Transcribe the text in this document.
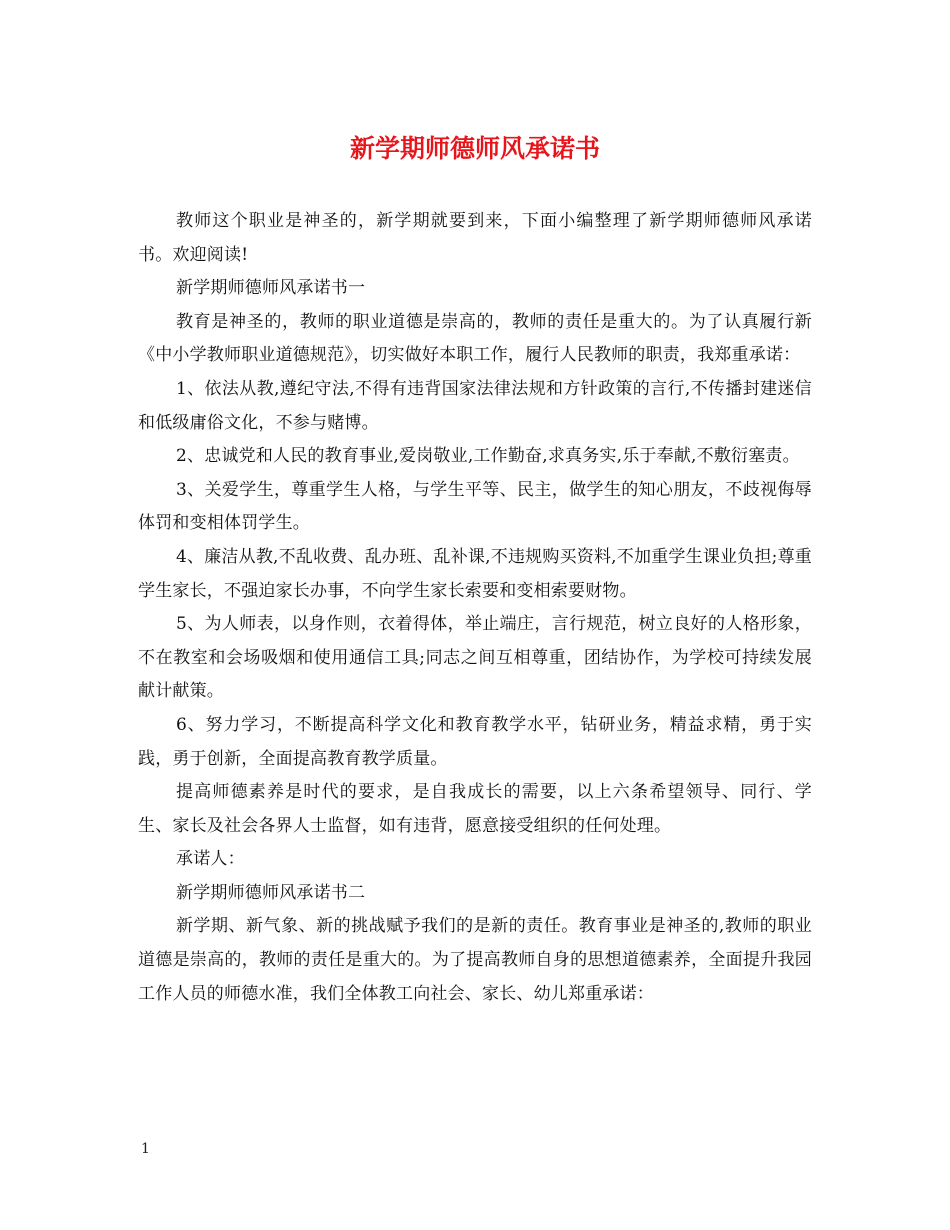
新学期师德师风承诺书

教师这个职业是神圣的，新学期就要到来，下面小编整理了新学期师德师风承诺书。欢迎阅读!

新学期师德师风承诺书一

教育是神圣的，教师的职业道德是崇高的，教师的责任是重大的。为了认真履行新《中小学教师职业道德规范》，切实做好本职工作，履行人民教师的职责，我郑重承诺：

1、依法从教,遵纪守法,不得有违背国家法律法规和方针政策的言行,不传播封建迷信和低级庸俗文化，不参与赌博。

2、忠诚党和人民的教育事业,爱岗敬业,工作勤奋,求真务实,乐于奉献,不敷衍塞责。

3、关爱学生，尊重学生人格，与学生平等、民主，做学生的知心朋友，不歧视侮辱体罚和变相体罚学生。

4、廉洁从教,不乱收费、乱办班、乱补课,不违规购买资料,不加重学生课业负担;尊重学生家长，不强迫家长办事，不向学生家长索要和变相索要财物。

5、为人师表，以身作则，衣着得体，举止端庄，言行规范，树立良好的人格形象，不在教室和会场吸烟和使用通信工具;同志之间互相尊重，团结协作，为学校可持续发展献计献策。

6、努力学习，不断提高科学文化和教育教学水平，钻研业务，精益求精，勇于实践，勇于创新，全面提高教育教学质量。

提高师德素养是时代的要求，是自我成长的需要，以上六条希望领导、同行、学生、家长及社会各界人士监督，如有违背，愿意接受组织的任何处理。

承诺人：

新学期师德师风承诺书二

新学期、新气象、新的挑战赋予我们的是新的责任。教育事业是神圣的,教师的职业道德是崇高的，教师的责任是重大的。为了提高教师自身的思想道德素养，全面提升我园工作人员的师德水准，我们全体教工向社会、家长、幼儿郑重承诺：

1
